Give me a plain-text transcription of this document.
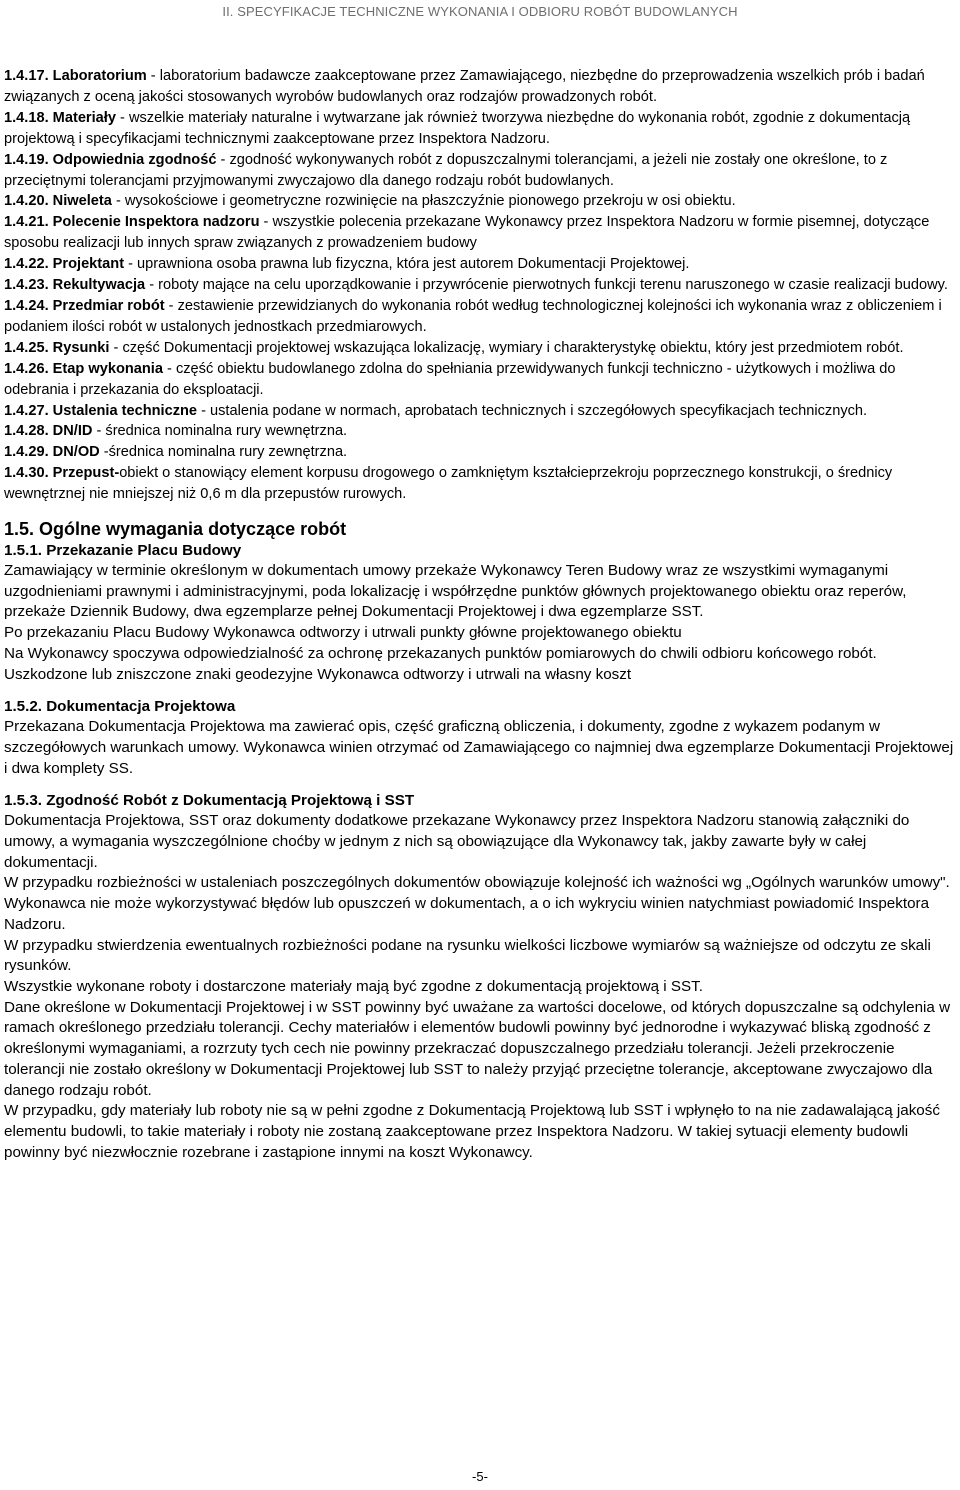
II. SPECYFIKACJE TECHNICZNE WYKONANIA I ODBIORU ROBÓT BUDOWLANYCH

1.4.17. Laboratorium - laboratorium badawcze zaakceptowane przez Zamawiającego, niezbędne do przeprowadzenia wszelkich prób i badań związanych z oceną jakości stosowanych wyrobów budowlanych oraz rodzajów prowadzonych robót.

1.4.18. Materiały - wszelkie materiały naturalne i wytwarzane jak również tworzywa niezbędne do wykonania robót, zgodnie z dokumentacją projektową i specyfikacjami technicznymi zaakceptowane przez Inspektora Nadzoru.

1.4.19. Odpowiednia zgodność - zgodność wykonywanych robót z dopuszczalnymi tolerancjami, a jeżeli nie zostały one określone, to z przeciętnymi tolerancjami przyjmowanymi zwyczajowo dla danego rodzaju robót budowlanych.

1.4.20. Niweleta - wysokościowe i geometryczne rozwinięcie na płaszczyźnie pionowego przekroju w osi obiektu.

1.4.21. Polecenie Inspektora nadzoru - wszystkie polecenia przekazane Wykonawcy przez Inspektora Nadzoru w formie pisemnej, dotyczące sposobu realizacji lub innych spraw związanych z prowadzeniem budowy

1.4.22. Projektant - uprawniona osoba prawna lub fizyczna, która jest autorem Dokumentacji Projektowej.

1.4.23. Rekultywacja - roboty mające na celu uporządkowanie i przywrócenie pierwotnych funkcji terenu naruszonego w czasie realizacji budowy.

1.4.24. Przedmiar robót - zestawienie przewidzianych do wykonania robót według technologicznej kolejności ich wykonania wraz z obliczeniem i podaniem ilości robót w ustalonych jednostkach przedmiarowych.

1.4.25. Rysunki - część Dokumentacji projektowej wskazująca lokalizację, wymiary i charakterystykę obiektu, który jest przedmiotem robót.

1.4.26. Etap wykonania - część obiektu budowlanego zdolna do spełniania przewidywanych funkcji techniczno - użytkowych i możliwa do odebrania i przekazania do eksploatacji.

1.4.27. Ustalenia techniczne - ustalenia podane w normach, aprobatach technicznych i szczegółowych specyfikacjach technicznych.

1.4.28. DN/ID - średnica nominalna rury wewnętrzna.

1.4.29. DN/OD -średnica nominalna rury zewnętrzna.

1.4.30. Przepust-obiekt o stanowiący element korpusu drogowego o zamkniętym kształcieprzekroju poprzecznego konstrukcji, o średnicy wewnętrznej nie mniejszej niż 0,6 m dla przepustów rurowych.

1.5. Ogólne wymagania dotyczące robót
1.5.1. Przekazanie Placu Budowy

Zamawiający w terminie określonym w dokumentach umowy przekaże Wykonawcy Teren Budowy wraz ze wszystkimi wymaganymi uzgodnieniami prawnymi i administracyjnymi, poda lokalizację i współrzędne punktów głównych projektowanego obiektu oraz reperów, przekaże Dziennik Budowy, dwa egzemplarze pełnej Dokumentacji Projektowej i dwa egzemplarze SST.

Po przekazaniu Placu Budowy Wykonawca odtworzy i utrwali punkty główne projektowanego obiektu

Na Wykonawcy spoczywa odpowiedzialność za ochronę przekazanych punktów pomiarowych do chwili odbioru końcowego robót. Uszkodzone lub zniszczone znaki geodezyjne Wykonawca odtworzy i utrwali na własny koszt

1.5.2. Dokumentacja Projektowa

Przekazana Dokumentacja Projektowa ma zawierać opis, część graficzną obliczenia, i dokumenty, zgodne z wykazem podanym w szczegółowych warunkach umowy. Wykonawca winien otrzymać od Zamawiającego co najmniej dwa egzemplarze Dokumentacji Projektowej i dwa komplety SS.

1.5.3. Zgodność Robót z Dokumentacją Projektową i SST

Dokumentacja Projektowa, SST oraz dokumenty dodatkowe przekazane Wykonawcy przez Inspektora Nadzoru stanowią załączniki do umowy, a wymagania wyszczególnione choćby w jednym z nich są obowiązujące dla Wykonawcy tak, jakby zawarte były w całej dokumentacji.

W przypadku rozbieżności w ustaleniach poszczególnych dokumentów obowiązuje kolejność ich ważności wg „Ogólnych warunków umowy".

Wykonawca nie może wykorzystywać błędów lub opuszczeń w dokumentach, a o ich wykryciu winien natychmiast powiadomić Inspektora Nadzoru.

W przypadku stwierdzenia ewentualnych rozbieżności podane na rysunku wielkości liczbowe wymiarów są ważniejsze od odczytu ze skali rysunków.

Wszystkie wykonane roboty i dostarczone materiały mają być zgodne z dokumentacją projektową i SST.

Dane określone w Dokumentacji Projektowej i w SST powinny być uważane za wartości docelowe, od których dopuszczalne są odchylenia w ramach określonego przedziału tolerancji. Cechy materiałów i elementów budowli powinny być jednorodne i wykazywać bliską zgodność z określonymi wymaganiami, a rozrzuty tych cech nie powinny przekraczać dopuszczalnego przedziału tolerancji. Jeżeli przekroczenie tolerancji nie zostało określony w Dokumentacji Projektowej lub SST to należy przyjąć przeciętne tolerancje, akceptowane zwyczajowo dla danego rodzaju robót.

W przypadku, gdy materiały lub roboty nie są w pełni zgodne z Dokumentacją Projektową lub SST i wpłynęło to na nie zadawalającą jakość elementu budowli, to takie materiały i roboty nie zostaną zaakceptowane przez Inspektora Nadzoru. W takiej sytuacji elementy budowli powinny być niezwłocznie rozebrane i zastąpione innymi na koszt Wykonawcy.

-5-
